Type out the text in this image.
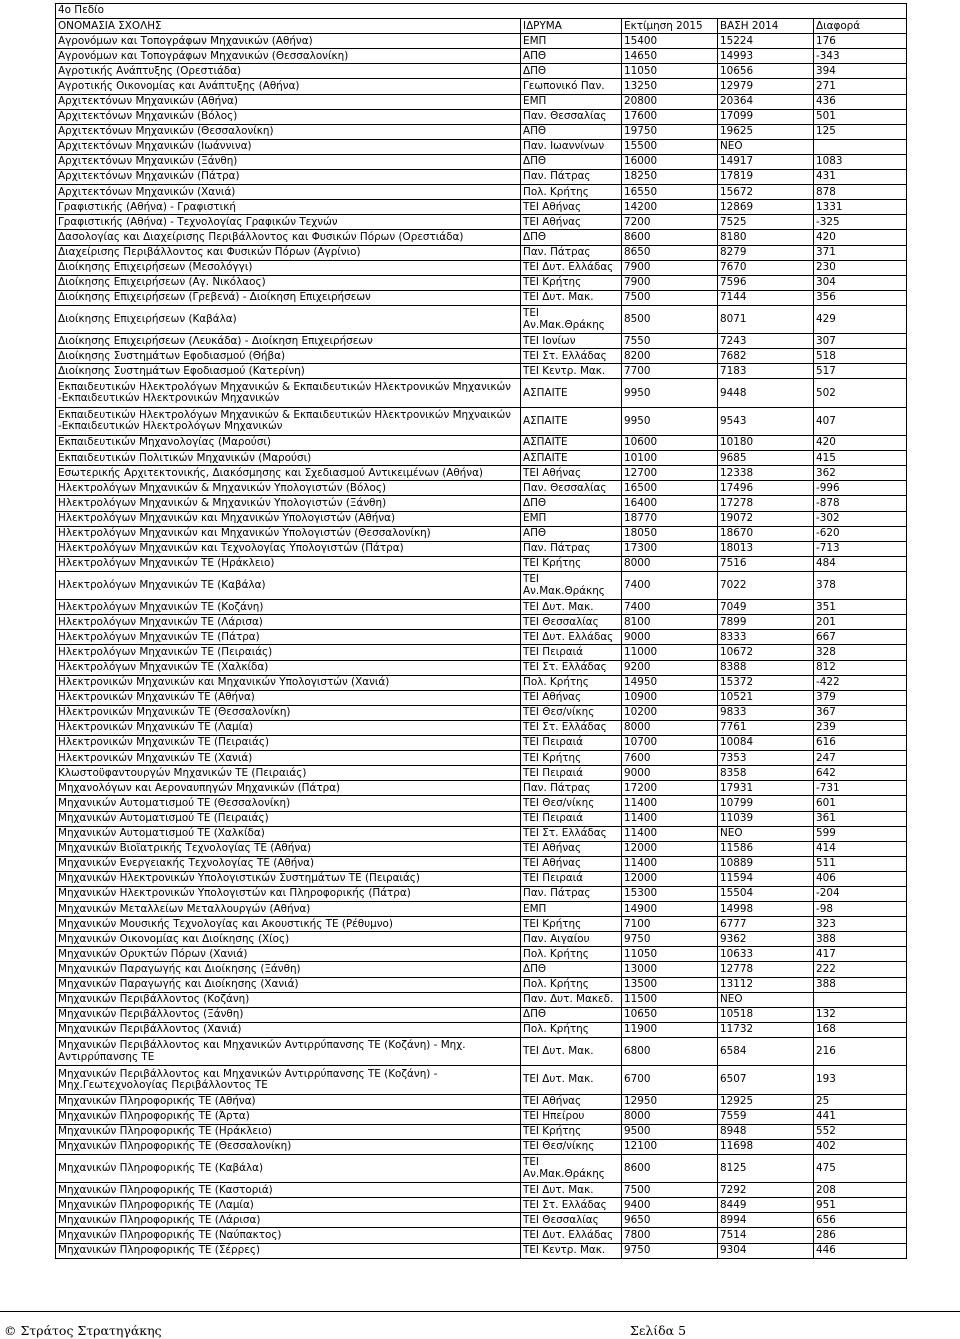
4ο Πεδίο				
ΟΝΟΜΑΣΙΑ ΣΧΟΛΗΣ	ΙΔΡΥΜΑ	Εκτίμηση 2015	ΒΑΣΗ 2014	Διαφορά
Αγρονόμων και Τοπογράφων Μηχανικών (Αθήνα)	ΕΜΠ	15400	15224	176
Αγρονόμων και Τοπογράφων Μηχανικών (Θεσσαλονίκη)	ΑΠΘ	14650	14993	-343
Αγροτικής Ανάπτυξης (Ορεστιάδα)	ΔΠΘ	11050	10656	394
Αγροτικής Οικονομίας και Ανάπτυξης (Αθήνα)	Γεωπονικό Παν.	13250	12979	271
Αρχιτεκτόνων Μηχανικών (Αθήνα)	ΕΜΠ	20800	20364	436
Αρχιτεκτόνων Μηχανικών (Βόλος)	Παν. Θεσσαλίας	17600	17099	501
Αρχιτεκτόνων Μηχανικών (Θεσσαλονίκη)	ΑΠΘ	19750	19625	125
Αρχιτεκτόνων Μηχανικών (Ιωάννινα)	Παν. Ιωαννίνων	15500	ΝΕΟ	
Αρχιτεκτόνων Μηχανικών (Ξάνθη)	ΔΠΘ	16000	14917	1083
Αρχιτεκτόνων Μηχανικών (Πάτρα)	Παν. Πάτρας	18250	17819	431
Αρχιτεκτόνων Μηχανικών (Χανιά)	Πολ. Κρήτης	16550	15672	878
Γραφιστικής (Αθήνα) - Γραφιστική	ΤΕΙ Αθήνας	14200	12869	1331
Γραφιστικής (Αθήνα) - Τεχνολογίας Γραφικών Τεχνών	ΤΕΙ Αθήνας	7200	7525	-325
Δασολογίας και Διαχείρισης Περιβάλλοντος και Φυσικών Πόρων (Ορεστιάδα)	ΔΠΘ	8600	8180	420
Διαχείρισης Περιβάλλοντος και Φυσικών Πόρων (Αγρίνιο)	Παν. Πάτρας	8650	8279	371
Διοίκησης Επιχειρήσεων (Μεσολόγγι)	ΤΕΙ Δυτ. Ελλάδας	7900	7670	230
Διοίκησης Επιχειρήσεων (Αγ. Νικόλαος)	ΤΕΙ Κρήτης	7900	7596	304
Διοίκησης Επιχειρήσεων (Γρεβενά) - Διοίκηση Επιχειρήσεων	ΤΕΙ Δυτ. Μακ.	7500	7144	356
Διοίκησης Επιχειρήσεων (Καβάλα)	ΤΕΙ Αν.Μακ.Θράκης	8500	8071	429
Διοίκησης Επιχειρήσεων (Λευκάδα) - Διοίκηση Επιχειρήσεων	ΤΕΙ Ιονίων	7550	7243	307
Διοίκησης Συστημάτων Εφοδιασμού (Θήβα)	ΤΕΙ Στ. Ελλάδας	8200	7682	518
Διοίκησης Συστημάτων Εφοδιασμού (Κατερίνη)	ΤΕΙ Κεντρ. Μακ.	7700	7183	517
Εκπαιδευτικών Ηλεκτρολόγων Μηχανικών & Εκπαιδευτικών Ηλεκτρονικών Μηχανικών -Εκπαιδευτικών Ηλεκτρονικών Μηχανικών	ΑΣΠΑΙΤΕ	9950	9448	502
Εκπαιδευτικών Ηλεκτρολόγων Μηχανικών & Εκπαιδευτικών Ηλεκτρονικών Μηχναικών -Εκπαιδευτικών Ηλεκτρολόγων Μηχανικών	ΑΣΠΑΙΤΕ	9950	9543	407
Εκπαιδευτικών Μηχανολογίας (Μαρούσι)	ΑΣΠΑΙΤΕ	10600	10180	420
Εκπαιδευτικών Πολιτικών Μηχανικών (Μαρούσι)	ΑΣΠΑΙΤΕ	10100	9685	415
Εσωτερικής Αρχιτεκτονικής, Διακόσμησης και Σχεδιασμού Αντικειμένων (Αθήνα)	ΤΕΙ Αθήνας	12700	12338	362
Ηλεκτρολόγων Μηχανικών & Μηχανικών Υπολογιστών (Βόλος)	Παν. Θεσσαλίας	16500	17496	-996
Ηλεκτρολόγων Μηχανικών & Μηχανικών Υπολογιστών (Ξάνθη)	ΔΠΘ	16400	17278	-878
Ηλεκτρολόγων Μηχανικών και Μηχανικών Υπολογιστών (Αθήνα)	ΕΜΠ	18770	19072	-302
Ηλεκτρολόγων Μηχανικών και Μηχανικών Υπολογιστών (Θεσσαλονίκη)	ΑΠΘ	18050	18670	-620
Ηλεκτρολόγων Μηχανικών και Τεχνολογίας Υπολογιστών (Πάτρα)	Παν. Πάτρας	17300	18013	-713
Ηλεκτρολόγων Μηχανικών ΤΕ (Ηράκλειο)	ΤΕΙ Κρήτης	8000	7516	484
Ηλεκτρολόγων Μηχανικών ΤΕ (Καβάλα)	ΤΕΙ Αν.Μακ.Θράκης	7400	7022	378
Ηλεκτρολόγων Μηχανικών ΤΕ (Κοζάνη)	ΤΕΙ Δυτ. Μακ.	7400	7049	351
Ηλεκτρολόγων Μηχανικών ΤΕ (Λάρισα)	ΤΕΙ Θεσσαλίας	8100	7899	201
Ηλεκτρολόγων Μηχανικών ΤΕ (Πάτρα)	ΤΕΙ Δυτ. Ελλάδας	9000	8333	667
Ηλεκτρολόγων Μηχανικών ΤΕ (Πειραιάς)	ΤΕΙ Πειραιά	11000	10672	328
Ηλεκτρολόγων Μηχανικών ΤΕ (Χαλκίδα)	ΤΕΙ Στ. Ελλάδας	9200	8388	812
Ηλεκτρονικών Μηχανικών και Μηχανικών Υπολογιστών (Χανιά)	Πολ. Κρήτης	14950	15372	-422
Ηλεκτρονικών Μηχανικών ΤΕ (Αθήνα)	ΤΕΙ Αθήνας	10900	10521	379
Ηλεκτρονικών Μηχανικών ΤΕ (Θεσσαλονίκη)	ΤΕΙ Θεσ/νίκης	10200	9833	367
Ηλεκτρονικών Μηχανικών ΤΕ (Λαμία)	ΤΕΙ Στ. Ελλάδας	8000	7761	239
Ηλεκτρονικών Μηχανικών ΤΕ (Πειραιάς)	ΤΕΙ Πειραιά	10700	10084	616
Ηλεκτρονικών Μηχανικών ΤΕ (Χανιά)	ΤΕΙ Κρήτης	7600	7353	247
Κλωστοϋφαντουργών Μηχανικών ΤΕ (Πειραιάς)	ΤΕΙ Πειραιά	9000	8358	642
Μηχανολόγων και Αεροναυπηγών Μηχανικών (Πάτρα)	Παν. Πάτρας	17200	17931	-731
Μηχανικών Αυτοματισμού ΤΕ (Θεσσαλονίκη)	ΤΕΙ Θεσ/νίκης	11400	10799	601
Μηχανικών Αυτοματισμού ΤΕ (Πειραιάς)	ΤΕΙ Πειραιά	11400	11039	361
Μηχανικών Αυτοματισμού ΤΕ (Χαλκίδα)	ΤΕΙ Στ. Ελλάδας	11400	ΝΕΟ	599
Μηχανικών Βιοϊατρικής Τεχνολογίας ΤΕ (Αθήνα)	ΤΕΙ Αθήνας	12000	11586	414
Μηχανικών Ενεργειακής Τεχνολογίας ΤΕ (Αθήνα)	ΤΕΙ Αθήνας	11400	10889	511
Μηχανικών Ηλεκτρονικών Υπολογιστικών Συστημάτων ΤΕ (Πειραιάς)	ΤΕΙ Πειραιά	12000	11594	406
Μηχανικών Ηλεκτρονικών Υπολογιστών και Πληροφορικής (Πάτρα)	Παν. Πάτρας	15300	15504	-204
Μηχανικών Μεταλλείων Μεταλλουργών (Αθήνα)	ΕΜΠ	14900	14998	-98
Μηχανικών Μουσικής Τεχνολογίας και Ακουστικής ΤΕ (Ρέθυμνο)	ΤΕΙ Κρήτης	7100	6777	323
Μηχανικών Οικονομίας και Διοίκησης (Χίος)	Παν. Αιγαίου	9750	9362	388
Μηχανικών Ορυκτών Πόρων (Χανιά)	Πολ. Κρήτης	11050	10633	417
Μηχανικών Παραγωγής και Διοίκησης (Ξάνθη)	ΔΠΘ	13000	12778	222
Μηχανικών Παραγωγής και Διοίκησης (Χανιά)	Πολ. Κρήτης	13500	13112	388
Μηχανικών Περιβάλλοντος (Κοζάνη)	Παν. Δυτ. Μακεδ.	11500	ΝΕΟ	
Μηχανικών Περιβάλλοντος (Ξάνθη)	ΔΠΘ	10650	10518	132
Μηχανικών Περιβάλλοντος (Χανιά)	Πολ. Κρήτης	11900	11732	168
Μηχανικών Περιβάλλοντος και Μηχανικών Αντιρρύπανσης ΤΕ (Κοζάνη) - Μηχ. Αντιρρύπανσης ΤΕ	ΤΕΙ Δυτ. Μακ.	6800	6584	216
Μηχανικών Περιβάλλοντος και Μηχανικών Αντιρρύπανσης ΤΕ (Κοζάνη) - Μηχ.Γεωτεχνολογίας Περιβάλλοντος ΤΕ	ΤΕΙ Δυτ. Μακ.	6700	6507	193
Μηχανικών Πληροφορικής ΤΕ (Αθήνα)	ΤΕΙ Αθήνας	12950	12925	25
Μηχανικών Πληροφορικής ΤΕ (Άρτα)	ΤΕΙ Ηπείρου	8000	7559	441
Μηχανικών Πληροφορικής ΤΕ (Ηράκλειο)	ΤΕΙ Κρήτης	9500	8948	552
Μηχανικών Πληροφορικής ΤΕ (Θεσσαλονίκη)	ΤΕΙ Θεσ/νίκης	12100	11698	402
Μηχανικών Πληροφορικής ΤΕ (Καβάλα)	ΤΕΙ Αν.Μακ.Θράκης	8600	8125	475
Μηχανικών Πληροφορικής ΤΕ (Καστοριά)	ΤΕΙ Δυτ. Μακ.	7500	7292	208
Μηχανικών Πληροφορικής ΤΕ (Λαμία)	ΤΕΙ Στ. Ελλάδας	9400	8449	951
Μηχανικών Πληροφορικής ΤΕ (Λάρισα)	ΤΕΙ Θεσσαλίας	9650	8994	656
Μηχανικών Πληροφορικής ΤΕ (Ναύπακτος)	ΤΕΙ Δυτ. Ελλάδας	7800	7514	286
Μηχανικών Πληροφορικής ΤΕ (Σέρρες)	ΤΕΙ Κεντρ. Μακ.	9750	9304	446
© Στράτος Στρατηγάκης	Σελίδα 5
